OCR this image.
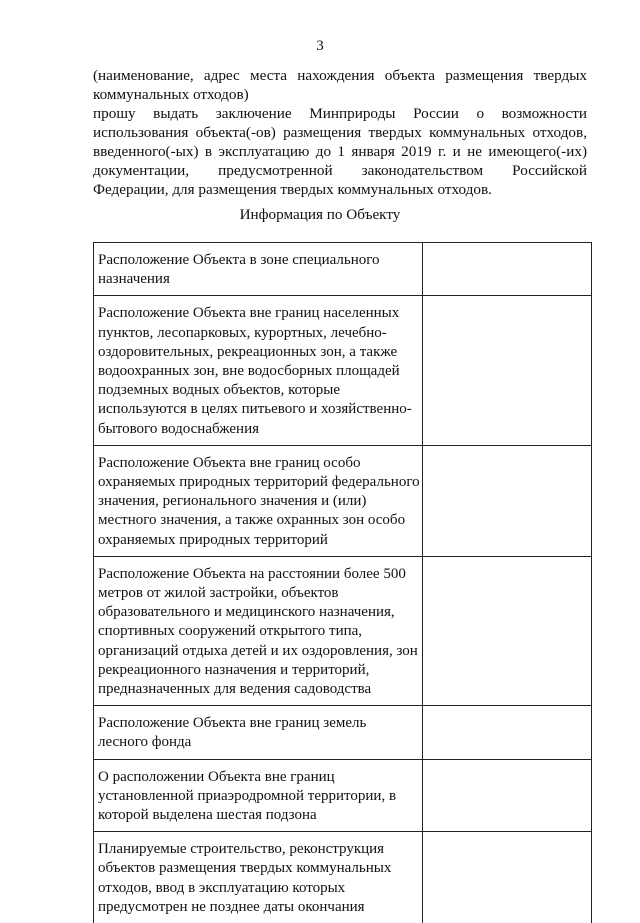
3

(наименование, адрес места нахождения объекта размещения твердых коммунальных отходов)

прошу выдать заключение Минприроды России о возможности использования объекта(-ов) размещения твердых коммунальных отходов, введенного(-ых) в эксплуатацию до 1 января 2019 г. и не имеющего(-их) документации, предусмотренной законодательством Российской Федерации, для размещения твердых коммунальных отходов.

Информация по Объекту
Расположение Объекта в зоне специального назначения	
Расположение Объекта вне границ населенных пунктов, лесопарковых, курортных, лечебно-оздоровительных, рекреационных зон, а также водоохранных зон, вне водосборных площадей подземных водных объектов, которые используются в целях питьевого и хозяйственно-бытового водоснабжения	
Расположение Объекта вне границ особо охраняемых природных территорий федерального значения, регионального значения и (или) местного значения, а также охранных зон особо охраняемых природных территорий	
Расположение Объекта на расстоянии более 500 метров от жилой застройки, объектов образовательного и медицинского назначения, спортивных сооружений открытого типа, организаций отдыха детей и их оздоровления, зон рекреационного назначения и территорий, предназначенных для ведения садоводства	
Расположение Объекта вне границ земель лесного фонда	
О расположении Объекта вне границ установленной приаэродромной территории, в которой выделена шестая подзона	
Планируемые строительство, реконструкция объектов размещения твердых коммунальных отходов, ввод в эксплуатацию которых предусмотрен не позднее даты окончания	
